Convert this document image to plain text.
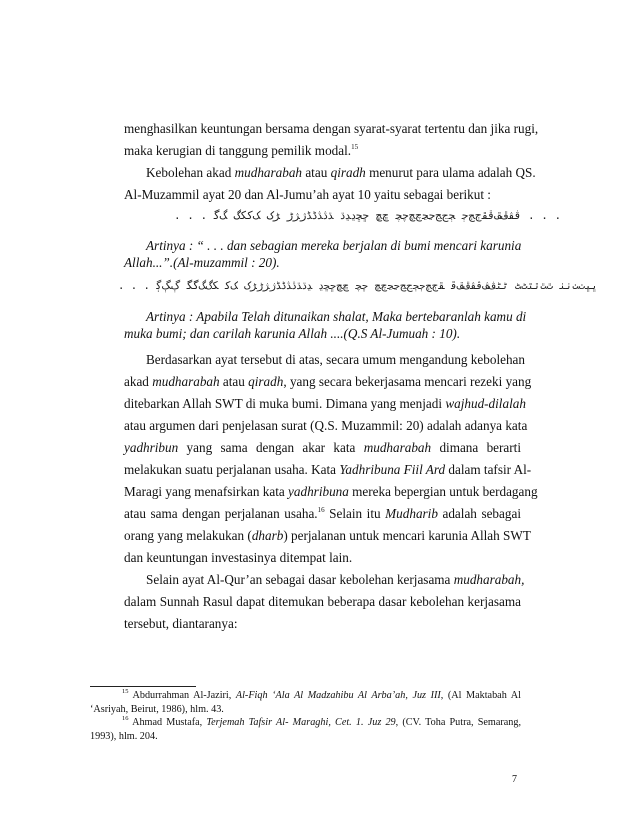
menghasilkan keuntungan bersama dengan syarat-syarat tertentu dan jika rugi,
maka kerugian di tanggung pemilik modal.$^{15}$
Kebolehan akad mudharabah atau qiradh menurut para ulama adalah QS.
Al-Muzammil ayat 20 dan Al-Jumu’ah ayat 10 yaitu sebagai berikut :
. . . ﭬﭭﭮﭯﭰﭱﭲﭳﭴ ﭵﭶﭷﭸﭹﭺﭻﭼﭽ ﭾﭿ ﮀﮁﮂﮃﮄ ﮅﮆﮇﮈﮉﮊﮋﮌ ﮍﮎ ﮏﮐﮑﮒ ﮓﮔ . . .
Artinya : “ . . . dan sebagian mereka berjalan di bumi mencari karunia
Allah...”.(Al-muzammil : 20).
. . . ﭜﭝﭞﭟﭠﭡ ﭢﭣﭤﭥﭦﭧ ﭨﭩﭪﭫﭬﭭﭮﭯﭰ ﭱﭲﭳﭴﭵﭶﭷﭸﭹﭺﭻ ﭼﭽ ﭾﭿﮀﮁﮂ ﮃﮄﮅﮆﮇﮈﮉﮊﮋﮌﮍﮎ ﮏﮐ ﮑﮒﮓﮔﮕ ﮖﮗﮘ
Artinya : Apabila Telah ditunaikan shalat, Maka bertebaranlah kamu di
muka bumi; dan carilah karunia Allah ....(Q.S Al-Jumuah : 10).
Berdasarkan ayat tersebut di atas, secara umum mengandung kebolehan
akad mudharabah atau qiradh, yang secara bekerjasama mencari rezeki yang
ditebarkan Allah SWT di muka bumi. Dimana yang menjadi wajhud-dilalah
atau argumen dari penjelasan surat (Q.S. Muzammil: 20) adalah adanya kata
yadhribun yang sama dengan akar kata mudharabah dimana berarti
melakukan suatu perjalanan usaha. Kata Yadhribuna Fiil Ard dalam tafsir Al-
Maragi yang menafsirkan kata yadhribuna mereka bepergian untuk berdagang
atau sama dengan perjalanan usaha.$^{16}$ Selain itu Mudharib adalah sebagai
orang yang melakukan (dharb) perjalanan untuk mencari karunia Allah SWT
dan keuntungan investasinya ditempat lain.
Selain ayat Al-Qur’an sebagai dasar kebolehan kerjasama mudharabah,
dalam Sunnah Rasul dapat ditemukan beberapa dasar kebolehan kerjasama
tersebut, diantaranya:
$^{15}$ Abdurrahman Al-Jaziri, Al-Fiqh ‘Ala Al Madzahibu Al Arba’ah, Juz III, (Al Maktabah Al
‘Asriyah, Beirut, 1986), hlm. 43.
$^{16}$ Ahmad Mustafa, Terjemah Tafsir Al- Maraghi, Cet. 1. Juz 29, (CV. Toha Putra, Semarang,
1993), hlm. 204.
7
